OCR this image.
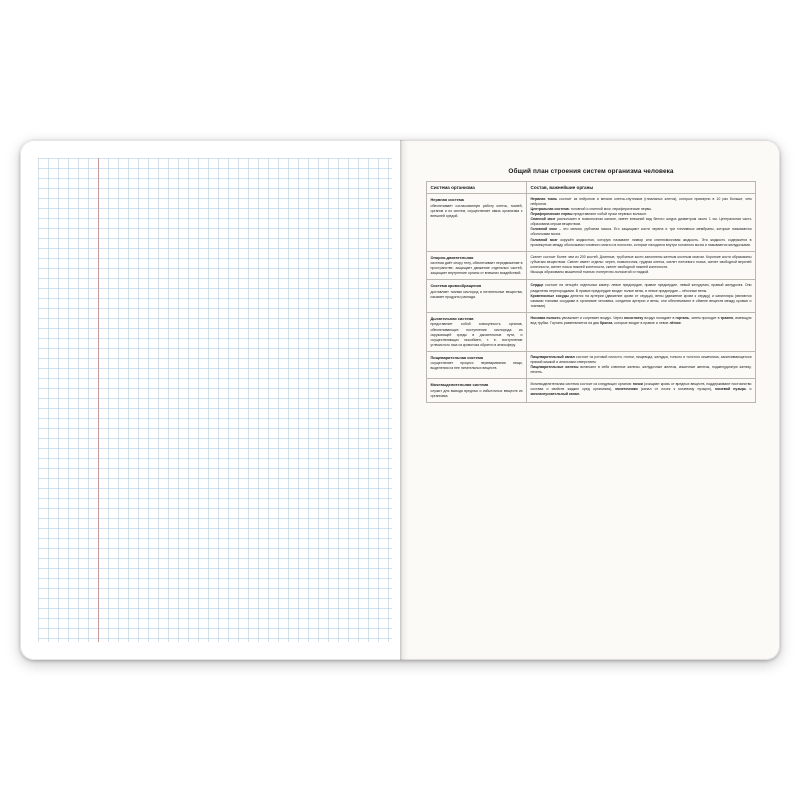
Общий план строения систем организма человека
Система организма	Состав, важнейшие органы

Нервная система
обеспечивает согласованную работу клеток, тканей, органов и их систем, осуществляет связь организма с внешней средой.	Нервная ткань состоит из нейронов и мелких клеток-спутников (глиальных клеток), которых примерно в 10 раз больше, чем нейронов.
Центральная система: головной и спинной мозг, периферические нервы.
Периферические нервы представляют собой пучки нервных волокон.
Спинной мозг расположен в позвоночном канале, имеет внешний вид белого шнура диаметром около 1 см. Центральная часть образована серым веществом.
Головной мозг – это мягкая, рубчатая масса. Его защищают кости черепа и три топливных мембраны, которые называются оболочками мозга.
Головной мозг окружён жидкостью, которую называют ликвор или спинномозговая жидкость. Эта жидкость содержится в промежутках между оболочками головного мозга и в полостях, которые находятся внутри головного мозга и называются желудочками.

Опорно-двигательная
система даёт опору телу, обеспечивает передвижение в пространстве, защищает движение отдельных частей, защищает внутренние органы от внешних воздействий.	Скелет состоит более чем из 200 костей. Длинные, трубчатые кости заполнены желтым костным мозгом. Короткие кости образованы губчатым веществом. Скелет имеет отделы: череп, позвоночник, грудная клетка, скелет плечевого пояса, скелет свободной верхней конечности, скелет пояса нижней конечности, скелет свободной нижней конечности.
Мышцы образованы мышечной тканью: поперечно-полосатой и гладкой.

Система кровообращения
доставляет тканям кислород и питательные вещества, изымает продукты распада.	Сердце состоит на четырёх отдельных камер: левое предсердие, правое предсердие, левый желудочек, правый желудочек. Они разделены перегородками. В правое предсердие входят полые вены, в левое предсердие – лёгочные вены.
Кровеносные сосуды делятся на артерии (движение крови от сердца), вены (движение крови к сердцу) и капилляры (являются самыми тонкими сосудами в организме человека, соединяя артерии и вены, они обеспечивают в обмене веществ между кровью и тканями).

Дыхательная система
представляет собой совокупность органов, обеспечивающих поступление кислорода из окружающей среды в дыхательные пути, и осуществляющих газообмен, т. е. поступление углекислого газа из кровотока обратно в атмосферу.	Носовая полость увлажняет и согревает воздух. Через носоглотку воздух попадает в гортань, затем проходит в трахею, имеющую вид трубки. Гортань разветвляется на два бронха, которые входят в правое и левое лёгкое.

Пищеварительная система
осуществляет процесс переваривания пищи, выделения из нее питательных веществ.	Пищеварительный канал состоит из ротовой полости, глотки, пищевода, желудка, тонкого и толстого кишечника, заканчивающегося прямой кишкой и анальным отверстием.
Пищеварительные железы включают в себя слюнные железы, желудочные железы, кишечные железы, поджелудочную железу, печень.

Мочевыделительная система
служит для вывода вредных и избыточных веществ из организма.	Мочевыделительная система состоит из следующих органов: почки (очищают кровь от вредных веществ, поддерживают постоянство состава и свойств жидких сред организма), мочеточники (канал от почек к мочевому пузырю), мочевой пузырь и мочеиспускательный канал.
